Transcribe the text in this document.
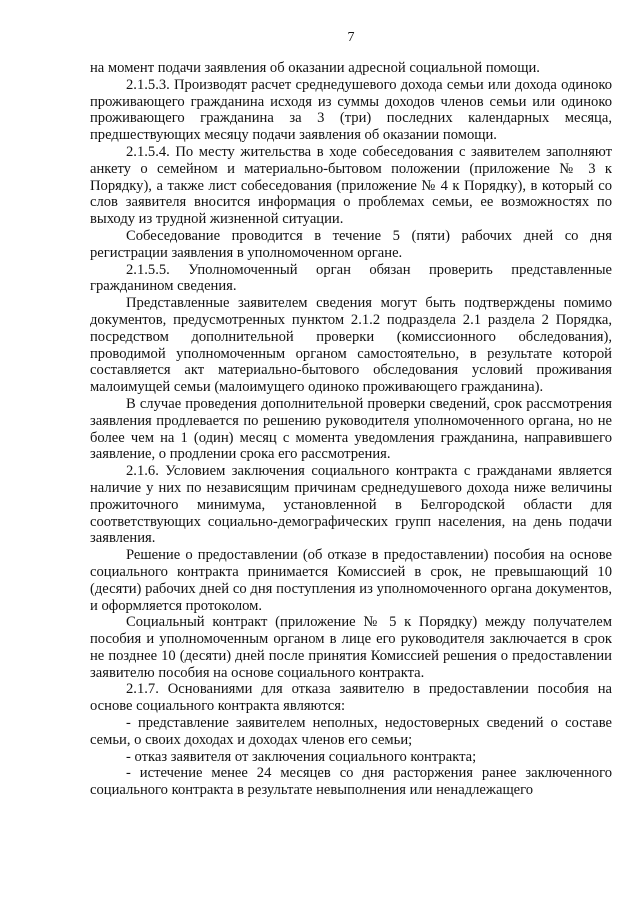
7

на момент подачи заявления об оказании адресной социальной помощи.

2.1.5.3. Производят расчет среднедушевого дохода семьи или дохода одиноко проживающего гражданина исходя из суммы доходов членов семьи или одиноко проживающего гражданина за 3 (три) последних календарных месяца, предшествующих месяцу подачи заявления об оказании помощи.

2.1.5.4. По месту жительства в ходе собеседования с заявителем заполняют анкету о семейном и материально-бытовом положении (приложение № 3 к Порядку), а также лист собеседования (приложение № 4 к Порядку), в который со слов заявителя вносится информация о проблемах семьи, ее возможностях по выходу из трудной жизненной ситуации.

Собеседование проводится в течение 5 (пяти) рабочих дней со дня регистрации заявления в уполномоченном органе.

2.1.5.5. Уполномоченный орган обязан проверить представленные гражданином сведения.

Представленные заявителем сведения могут быть подтверждены помимо документов, предусмотренных пунктом 2.1.2 подраздела 2.1 раздела 2 Порядка, посредством дополнительной проверки (комиссионного обследования), проводимой уполномоченным органом самостоятельно, в результате которой составляется акт материально-бытового обследования условий проживания малоимущей семьи (малоимущего одиноко проживающего гражданина).

В случае проведения дополнительной проверки сведений, срок рассмотрения заявления продлевается по решению руководителя уполномоченного органа, но не более чем на 1 (один) месяц с момента уведомления гражданина, направившего заявление, о продлении срока его рассмотрения.

2.1.6. Условием заключения социального контракта с гражданами является наличие у них по независящим причинам среднедушевого дохода ниже величины прожиточного минимума, установленной в Белгородской области для соответствующих социально-демографических групп населения, на день подачи заявления.

Решение о предоставлении (об отказе в предоставлении) пособия на основе социального контракта принимается Комиссией в срок, не превышающий 10 (десяти) рабочих дней со дня поступления из уполномоченного органа документов, и оформляется протоколом.

Социальный контракт (приложение № 5 к Порядку) между получателем пособия и уполномоченным органом в лице его руководителя заключается в срок не позднее 10 (десяти) дней после принятия Комиссией решения о предоставлении заявителю пособия на основе социального контракта.

2.1.7. Основаниями для отказа заявителю в предоставлении пособия на основе социального контракта являются:

- представление заявителем неполных, недостоверных сведений о составе семьи, о своих доходах и доходах членов его семьи;

- отказ заявителя от заключения социального контракта;

- истечение менее 24 месяцев со дня расторжения ранее заключенного социального контракта в результате невыполнения или ненадлежащего
